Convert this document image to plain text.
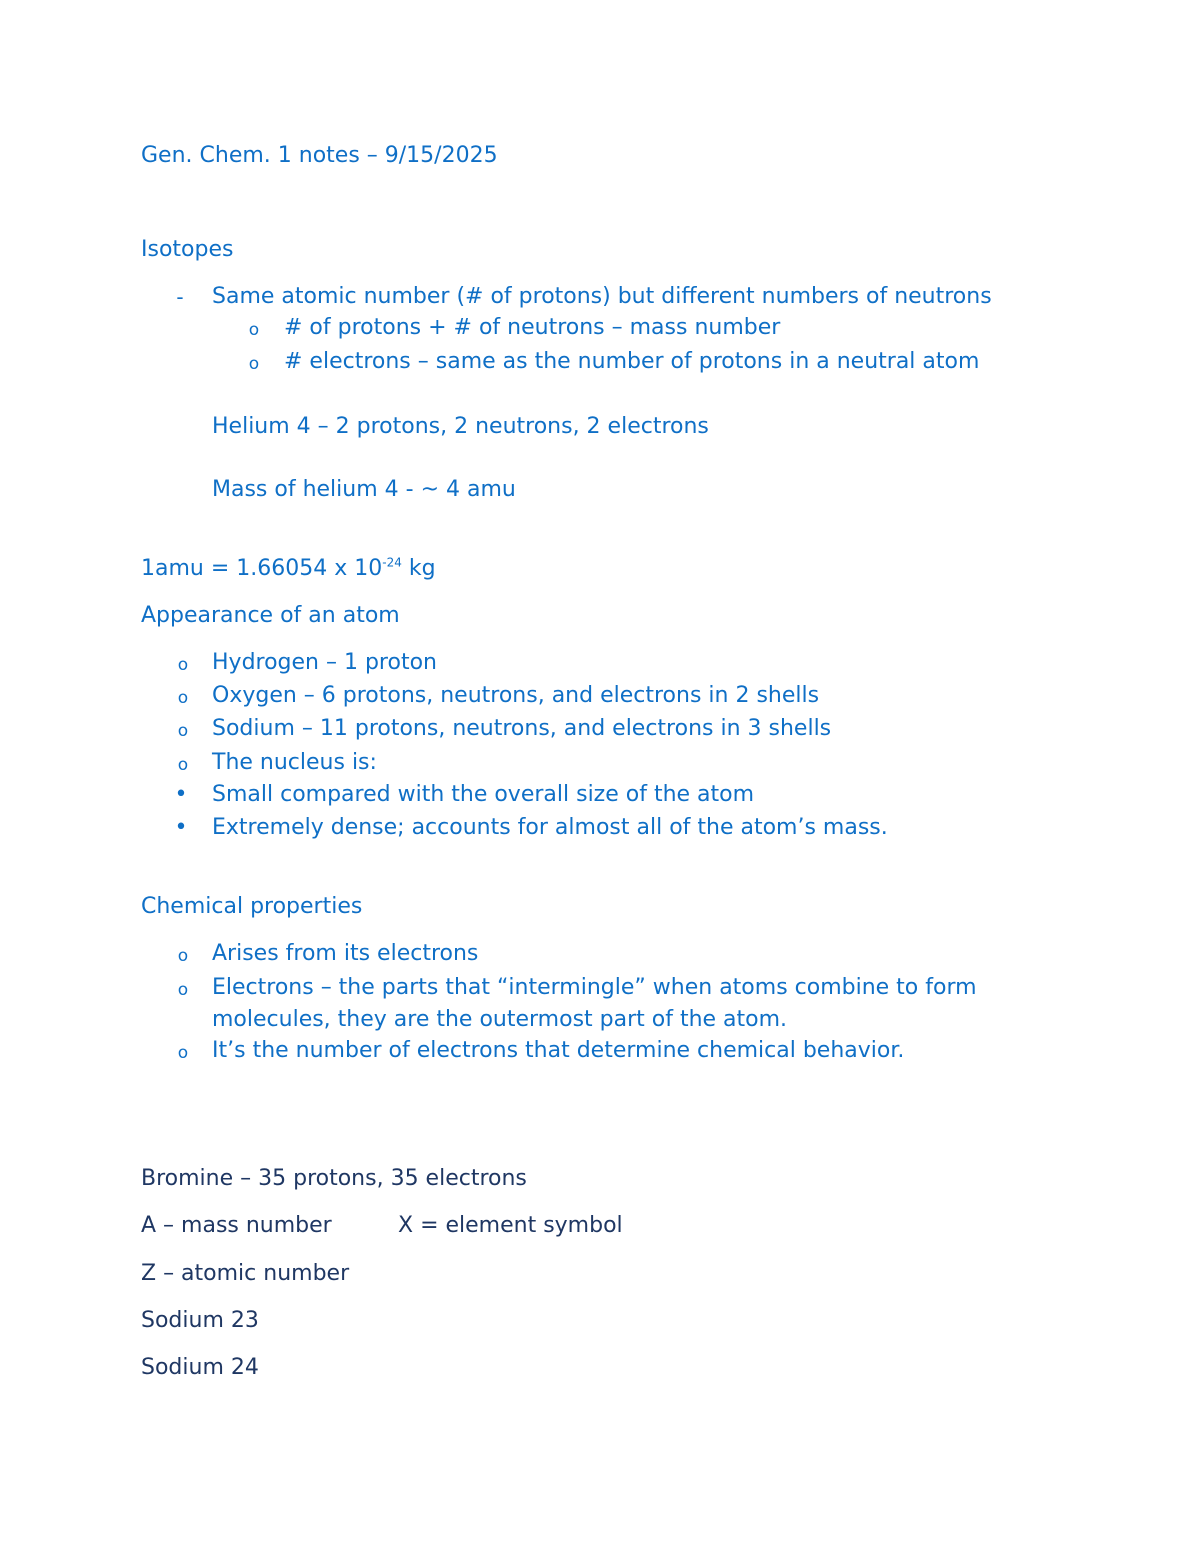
Gen. Chem. 1 notes – 9/15/2025
Isotopes
- Same atomic number (# of protons) but different numbers of neutrons
o # of protons + # of neutrons – mass number
o # electrons – same as the number of protons in a neutral atom
Helium 4 – 2 protons, 2 neutrons, 2 electrons
Mass of helium 4 - ~ 4 amu
1amu = 1.66054 x $10^{-24}$ kg
Appearance of an atom
o Hydrogen – 1 proton
o Oxygen – 6 protons, neutrons, and electrons in 2 shells
o Sodium – 11 protons, neutrons, and electrons in 3 shells
o The nucleus is:
• Small compared with the overall size of the atom
• Extremely dense; accounts for almost all of the atom’s mass.
Chemical properties
o Arises from its electrons
o Electrons – the parts that “intermingle” when atoms combine to form
molecules, they are the outermost part of the atom.
o It’s the number of electrons that determine chemical behavior.
Bromine – 35 protons, 35 electrons
A – mass number	X = element symbol
Z – atomic number
Sodium 23
Sodium 24
